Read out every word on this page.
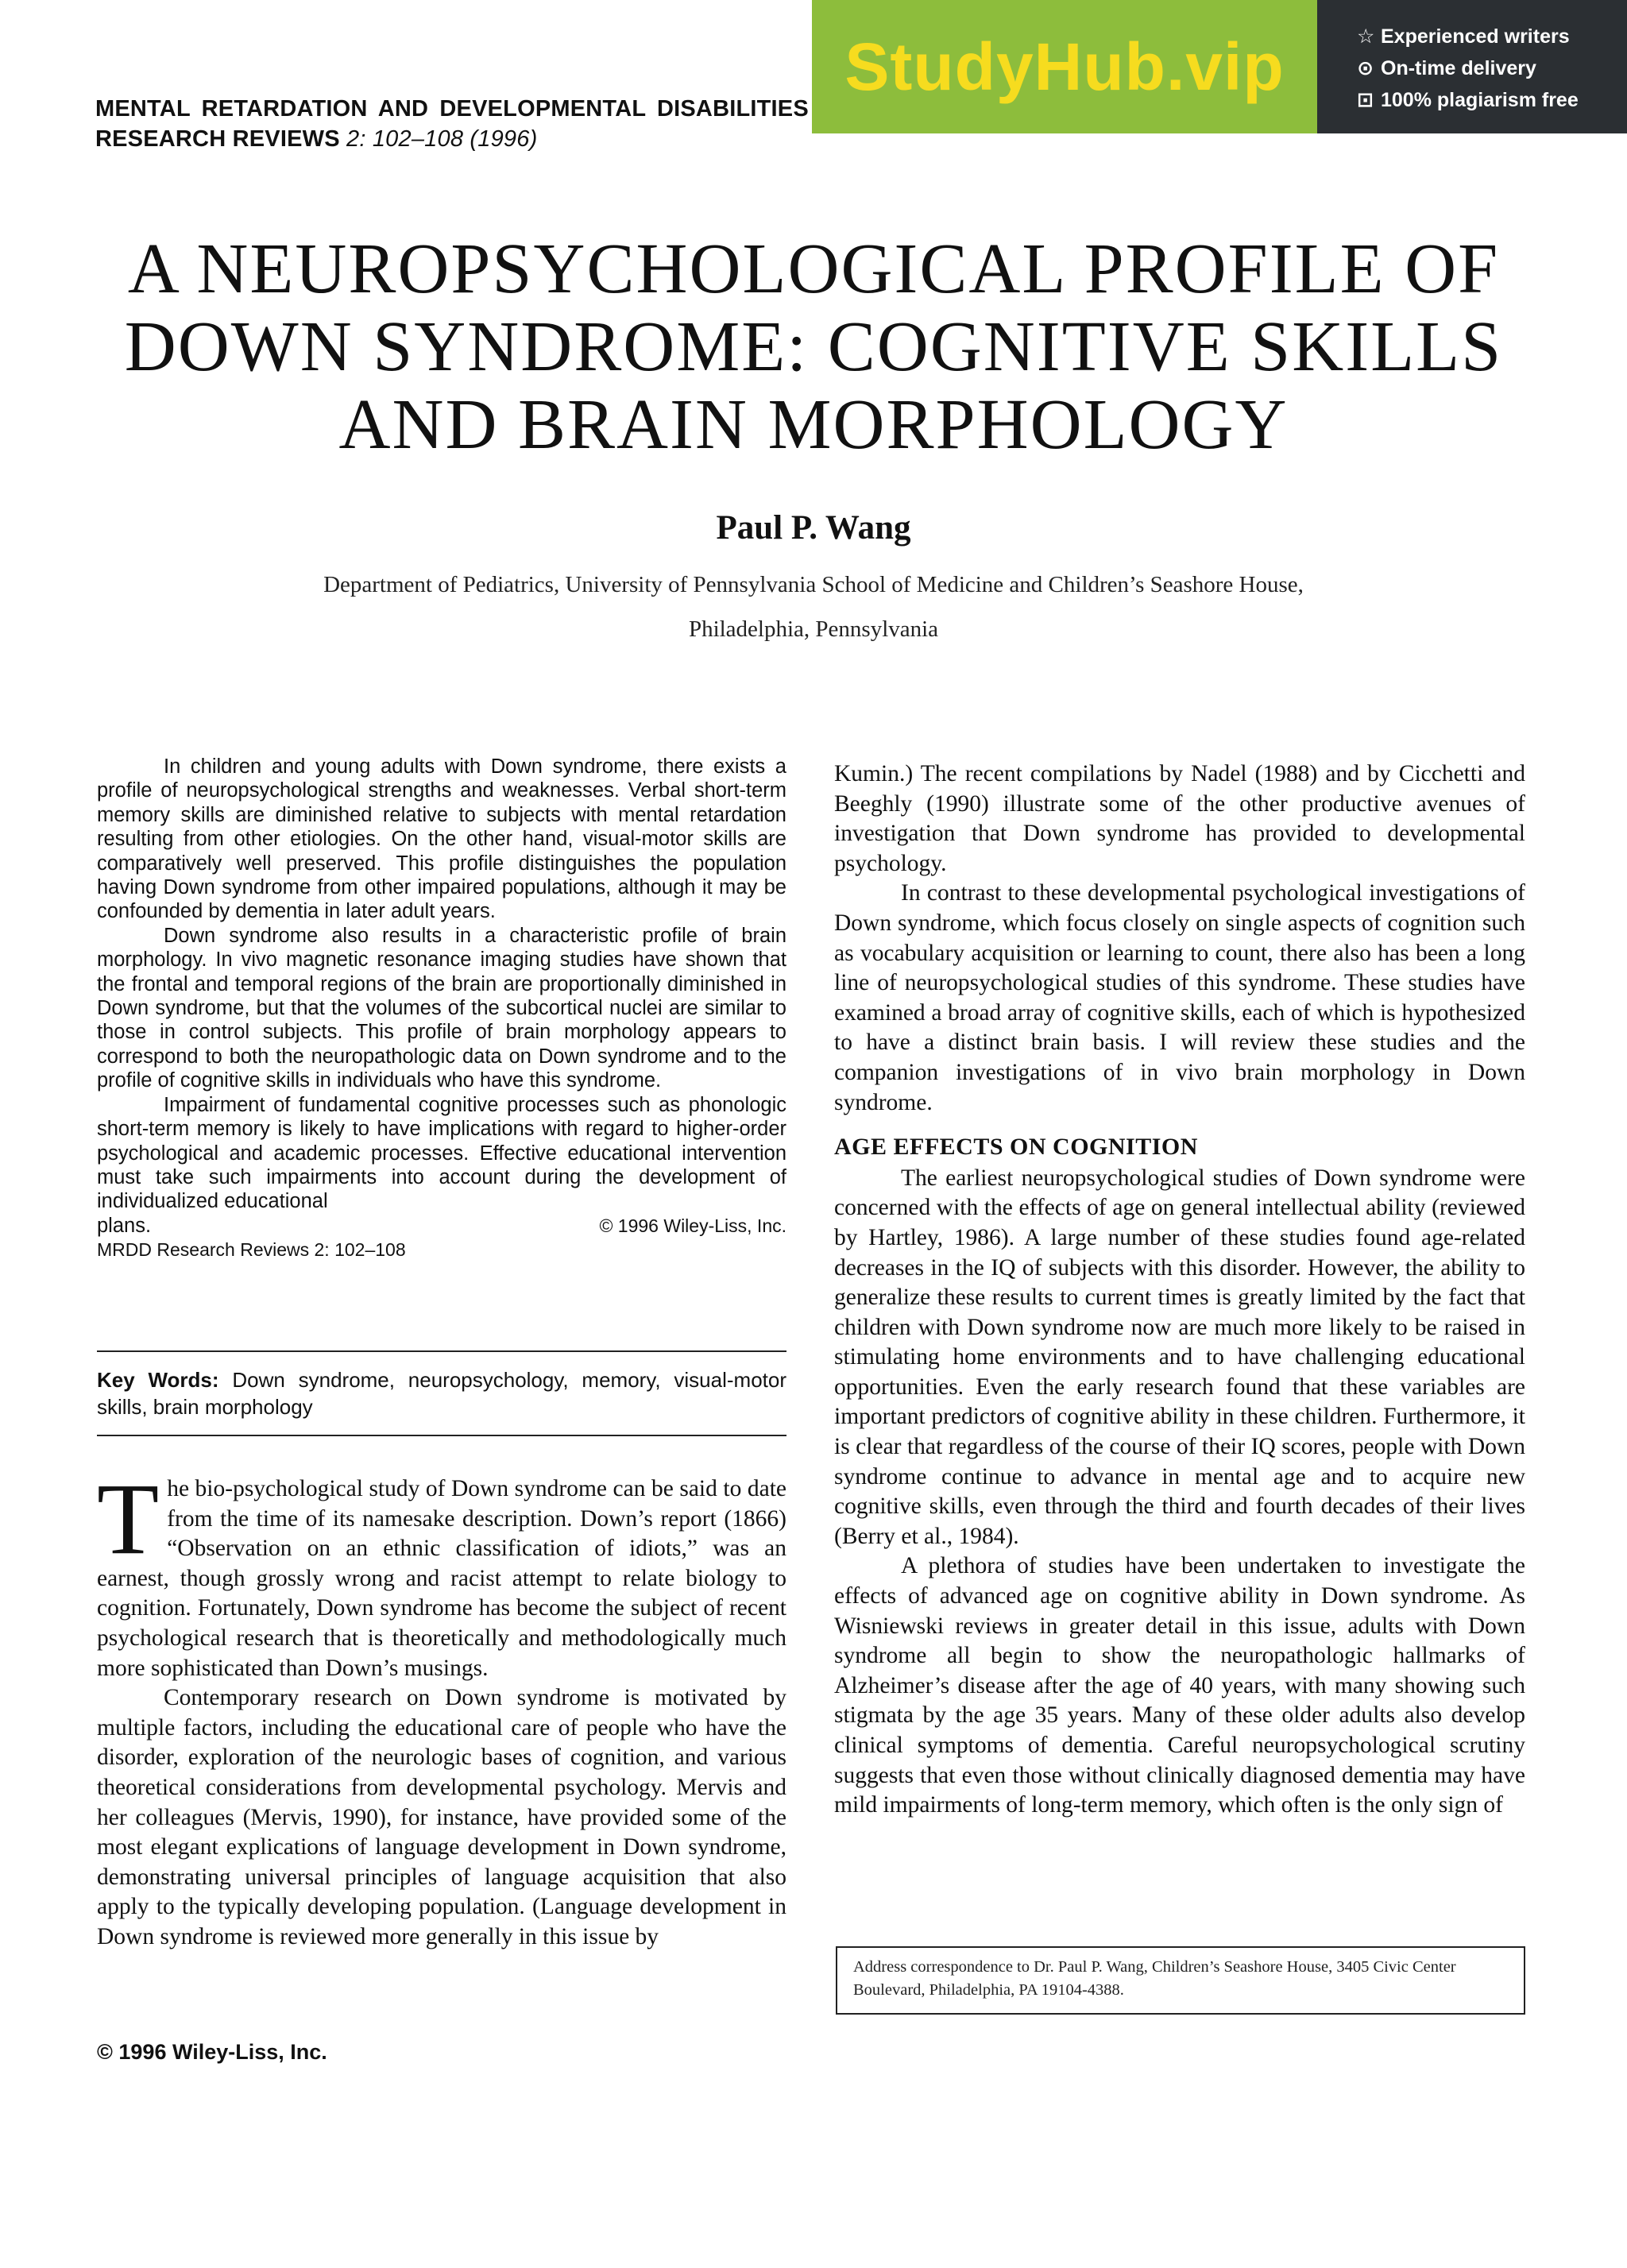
MENTAL RETARDATION AND DEVELOPMENTAL DISABILITIES
RESEARCH REVIEWS 2: 102–108 (1996)
StudyHub.vip	☆ Experienced writers
⊙ On-time delivery
⊡ 100% plagiarism free
A NEUROPSYCHOLOGICAL PROFILE OF
DOWN SYNDROME: COGNITIVE SKILLS
AND BRAIN MORPHOLOGY
Paul P. Wang
Department of Pediatrics, University of Pennsylvania School of Medicine and Children’s Seashore House,
Philadelphia, Pennsylvania

In children and young adults with Down syndrome, there exists a profile of neuropsychological strengths and weaknesses. Verbal short-term memory skills are diminished relative to subjects with mental retardation resulting from other etiologies. On the other hand, visual-motor skills are comparatively well preserved. This profile distinguishes the population having Down syndrome from other impaired populations, although it may be confounded by dementia in later adult years.

Down syndrome also results in a characteristic profile of brain morphology. In vivo magnetic resonance imaging studies have shown that the frontal and temporal regions of the brain are proportionally diminished in Down syndrome, but that the volumes of the subcortical nuclei are similar to those in control subjects. This profile of brain morphology appears to correspond to both the neuropathologic data on Down syndrome and to the profile of cognitive skills in individuals who have this syndrome.

Impairment of fundamental cognitive processes such as phonologic short-term memory is likely to have implications with regard to higher-order psychological and academic processes. Effective educational intervention must take such impairments into account during the development of individualized educational

plans.	© 1996 Wiley-Liss, Inc.
MRDD Research Reviews 2: 102–108
Key Words: Down syndrome, neuropsychology, memory, visual-motor skills, brain morphology

The bio-psychological study of Down syndrome can be said to date from the time of its namesake description. Down’s report (1866) “Observation on an ethnic classification of idiots,” was an earnest, though grossly wrong and racist attempt to relate biology to cognition. Fortunately, Down syndrome has become the subject of recent psychological research that is theoretically and methodologically much more sophisticated than Down’s musings.

Contemporary research on Down syndrome is motivated by multiple factors, including the educational care of people who have the disorder, exploration of the neurologic bases of cognition, and various theoretical considerations from developmental psychology. Mervis and her colleagues (Mervis, 1990), for instance, have provided some of the most elegant explications of language development in Down syndrome, demonstrating universal principles of language acquisition that also apply to the typically developing population. (Language development in Down syndrome is reviewed more generally in this issue by

© 1996 Wiley-Liss, Inc.

Kumin.) The recent compilations by Nadel (1988) and by Cicchetti and Beeghly (1990) illustrate some of the other productive avenues of investigation that Down syndrome has provided to developmental psychology.

In contrast to these developmental psychological investigations of Down syndrome, which focus closely on single aspects of cognition such as vocabulary acquisition or learning to count, there also has been a long line of neuropsychological studies of this syndrome. These studies have examined a broad array of cognitive skills, each of which is hypothesized to have a distinct brain basis. I will review these studies and the companion investigations of in vivo brain morphology in Down syndrome.

AGE EFFECTS ON COGNITION

The earliest neuropsychological studies of Down syndrome were concerned with the effects of age on general intellectual ability (reviewed by Hartley, 1986). A large number of these studies found age-related decreases in the IQ of subjects with this disorder. However, the ability to generalize these results to current times is greatly limited by the fact that children with Down syndrome now are much more likely to be raised in stimulating home environments and to have challenging educational opportunities. Even the early research found that these variables are important predictors of cognitive ability in these children. Furthermore, it is clear that regardless of the course of their IQ scores, people with Down syndrome continue to advance in mental age and to acquire new cognitive skills, even through the third and fourth decades of their lives (Berry et al., 1984).

A plethora of studies have been undertaken to investigate the effects of advanced age on cognitive ability in Down syndrome. As Wisniewski reviews in greater detail in this issue, adults with Down syndrome all begin to show the neuropathologic hallmarks of Alzheimer’s disease after the age of 40 years, with many showing such stigmata by the age 35 years. Many of these older adults also develop clinical symptoms of dementia. Careful neuropsychological scrutiny suggests that even those without clinically diagnosed dementia may have mild impairments of long-term memory, which often is the only sign of

Address correspondence to Dr. Paul P. Wang, Children’s Seashore House, 3405 Civic Center Boulevard, Philadelphia, PA 19104-4388.
